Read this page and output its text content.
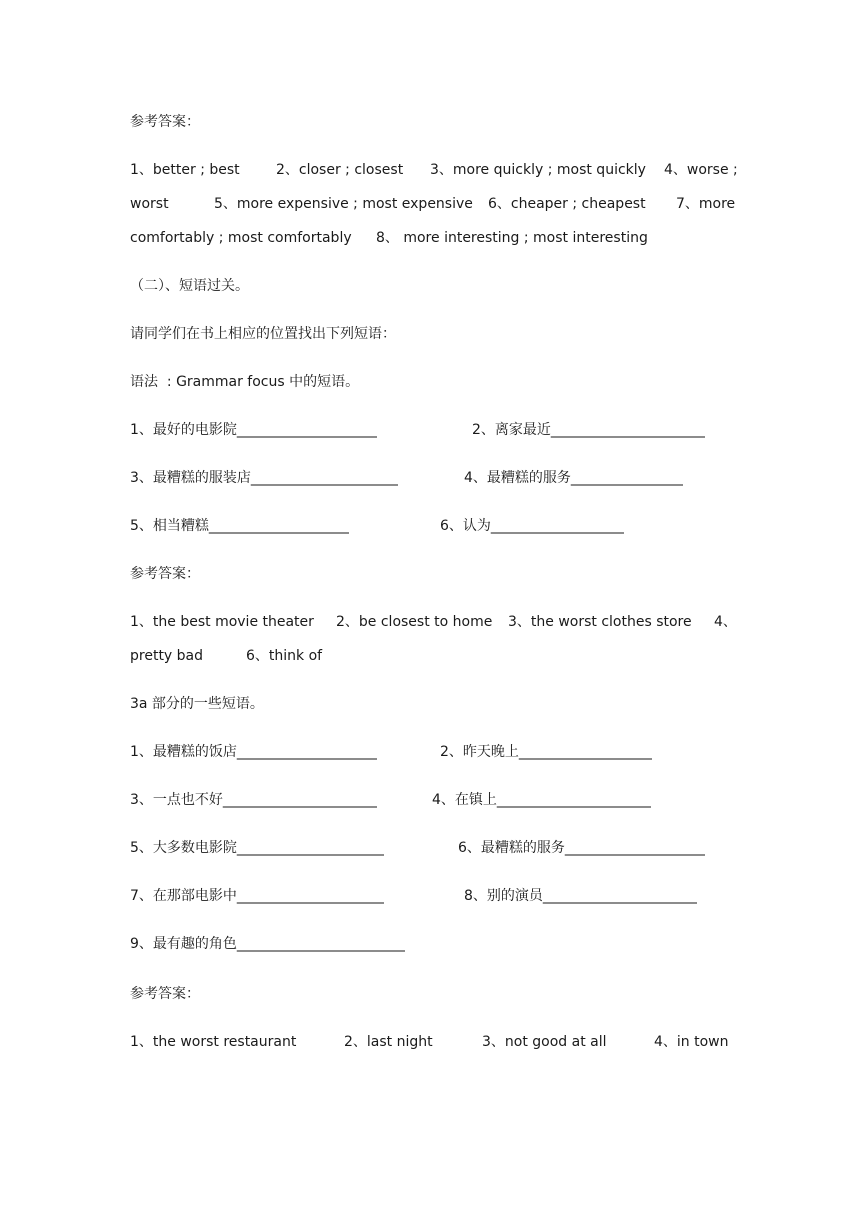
参考答案：
1、better ; best	2、closer ; closest 3、more quickly ; most quickly 4、worse ;
worst	5、more expensive ; most expensive 6、cheaper ; cheapest 7、more
comfortably ; most comfortably 8、 more interesting ; most interesting
（二）、短语过关。
请同学们在书上相应的位置找出下列短语：
语法  : Grammar focus 中的短语。
1、最好的电影院____________________	2、离家最近______________________
3、最糟糕的服装店_____________________	4、最糟糕的服务________________
5、相当糟糕____________________	6、认为___________________
参考答案：
1、the best movie theater 2、be closest to home 3、the worst clothes store 4、
pretty bad	6、think of
3a 部分的一些短语。
1、最糟糕的饭店____________________	2、昨天晚上___________________
3、一点也不好______________________	4、在镇上______________________
5、大多数电影院_____________________	6、最糟糕的服务____________________
7、在那部电影中_____________________	8、别的演员______________________
9、最有趣的角色________________________
参考答案：
1、the worst restaurant	2、last night	3、not good at all	4、in town
